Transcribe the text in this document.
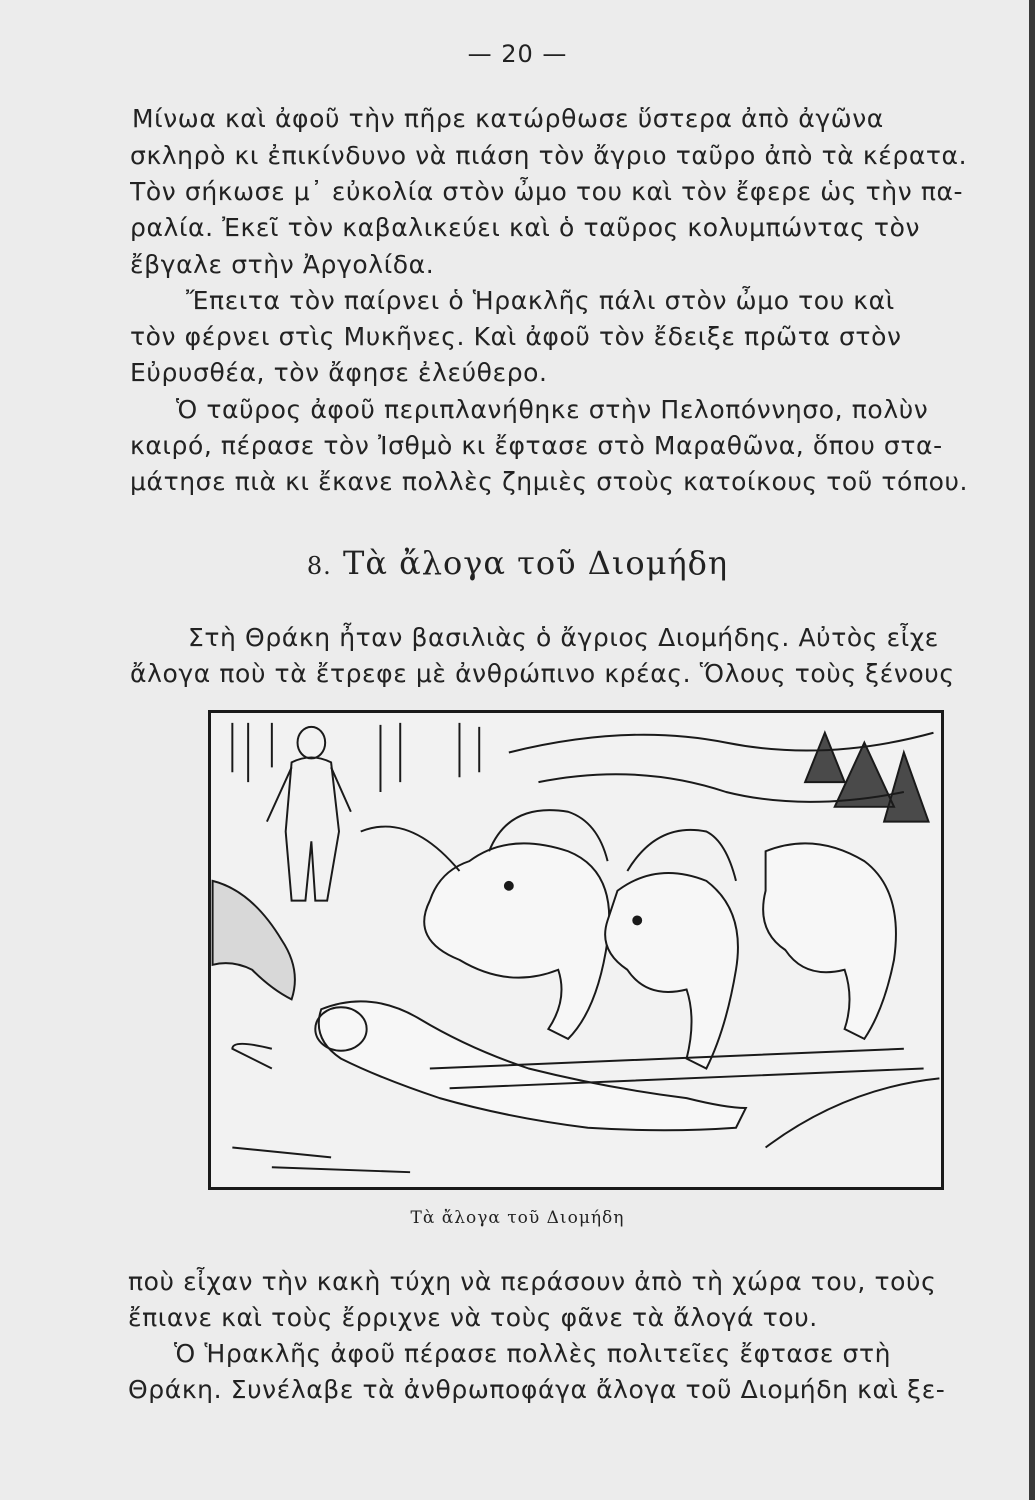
— 20 —
Μίνωα καὶ ἀφοῦ τὴν πῆρε κατώρθωσε ὕστερα ἀπὸ ἀγῶνα
σκληρὸ κι ἐπικίνδυνο νὰ πιάση τὸν ἄγριο ταῦρο ἀπὸ τὰ κέρατα.
Τὸν σήκωσε μ᾽ εὐκολία στὸν ὦμο του καὶ τὸν ἔφερε ὡς τὴν πα-
ραλία. Ἐκεῖ τὸν καβαλικεύει καὶ ὁ ταῦρος κολυμπώντας τὸν
ἔβγαλε στὴν Ἀργολίδα.
Ἔπειτα τὸν παίρνει ὁ Ἡρακλῆς πάλι στὸν ὦμο του καὶ
τὸν φέρνει στὶς Μυκῆνες. Καὶ ἀφοῦ τὸν ἔδειξε πρῶτα στὸν
Εὐρυσθέα, τὸν ἄφησε ἐλεύθερο.
Ὁ ταῦρος ἀφοῦ περιπλανήθηκε στὴν Πελοπόννησο, πολὺν
καιρό, πέρασε τὸν Ἰσθμὸ κι ἔφτασε στὸ Μαραθῶνα, ὅπου στα-
μάτησε πιὰ κι ἔκανε πολλὲς ζημιὲς στοὺς κατοίκους τοῦ τόπου.
8. Τὰ ἄλογα τοῦ Διομήδη
Στὴ Θράκη ἦταν βασιλιὰς ὁ ἄγριος Διομήδης. Αὐτὸς εἶχε
ἄλογα ποὺ τὰ ἔτρεφε μὲ ἀνθρώπινο κρέας. Ὅλους τοὺς ξένους
Τὰ ἄλογα τοῦ Διομήδη
ποὺ εἶχαν τὴν κακὴ τύχη νὰ περάσουν ἀπὸ τὴ χώρα του, τοὺς
ἔπιανε καὶ τοὺς ἔρριχνε νὰ τοὺς φᾶνε τὰ ἄλογά του.
Ὁ Ἡρακλῆς ἀφοῦ πέρασε πολλὲς πολιτεῖες ἔφτασε στὴ
Θράκη. Συνέλαβε τὰ ἀνθρωποφάγα ἄλογα τοῦ Διομήδη καὶ ξε-
